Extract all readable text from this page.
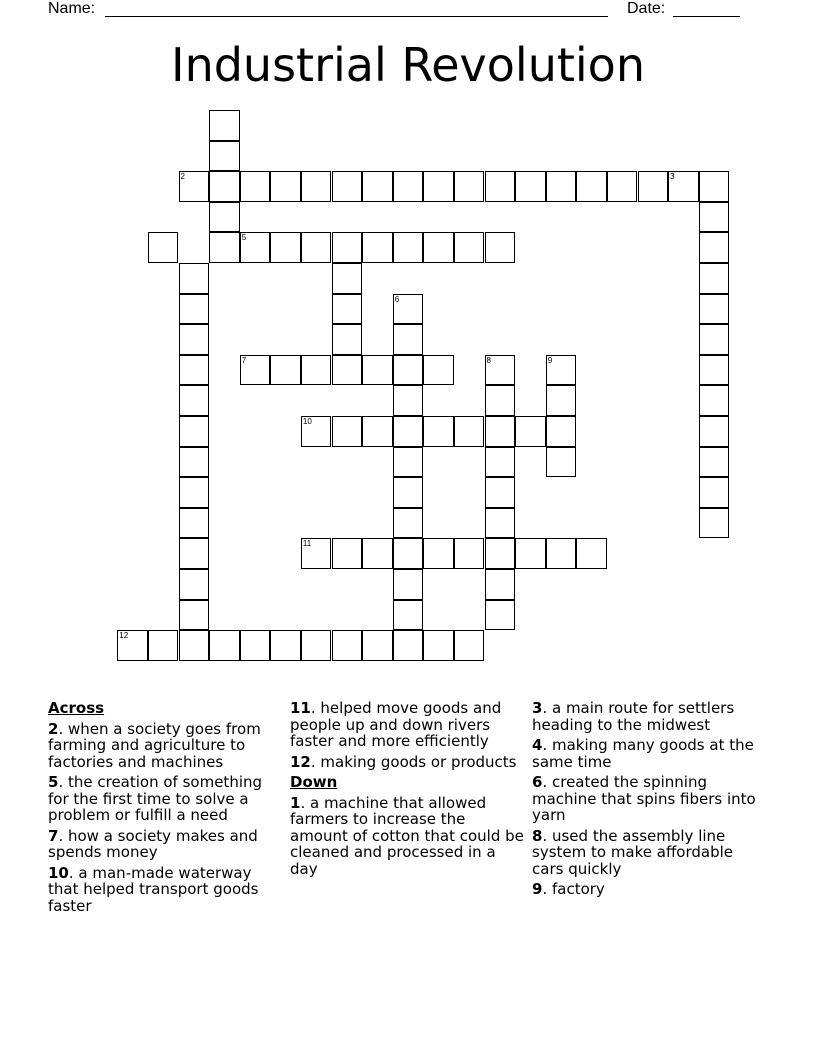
Name:	Date:
Industrial Revolution
2	3
5
6
7	8	9
10
11
12
Across
2. when a society goes from farming and agriculture to factories and machines
5. the creation of something for the first time to solve a problem or fulfill a need
7. how a society makes and spends money
10. a man-made waterway that helped transport goods faster
11. helped move goods and people up and down rivers faster and more efficiently
12. making goods or products
Down
1. a machine that allowed farmers to increase the amount of cotton that could be cleaned and processed in a day
3. a main route for settlers heading to the midwest
4. making many goods at the same time
6. created the spinning machine that spins fibers into yarn
8. used the assembly line system to make affordable cars quickly
9. factory
